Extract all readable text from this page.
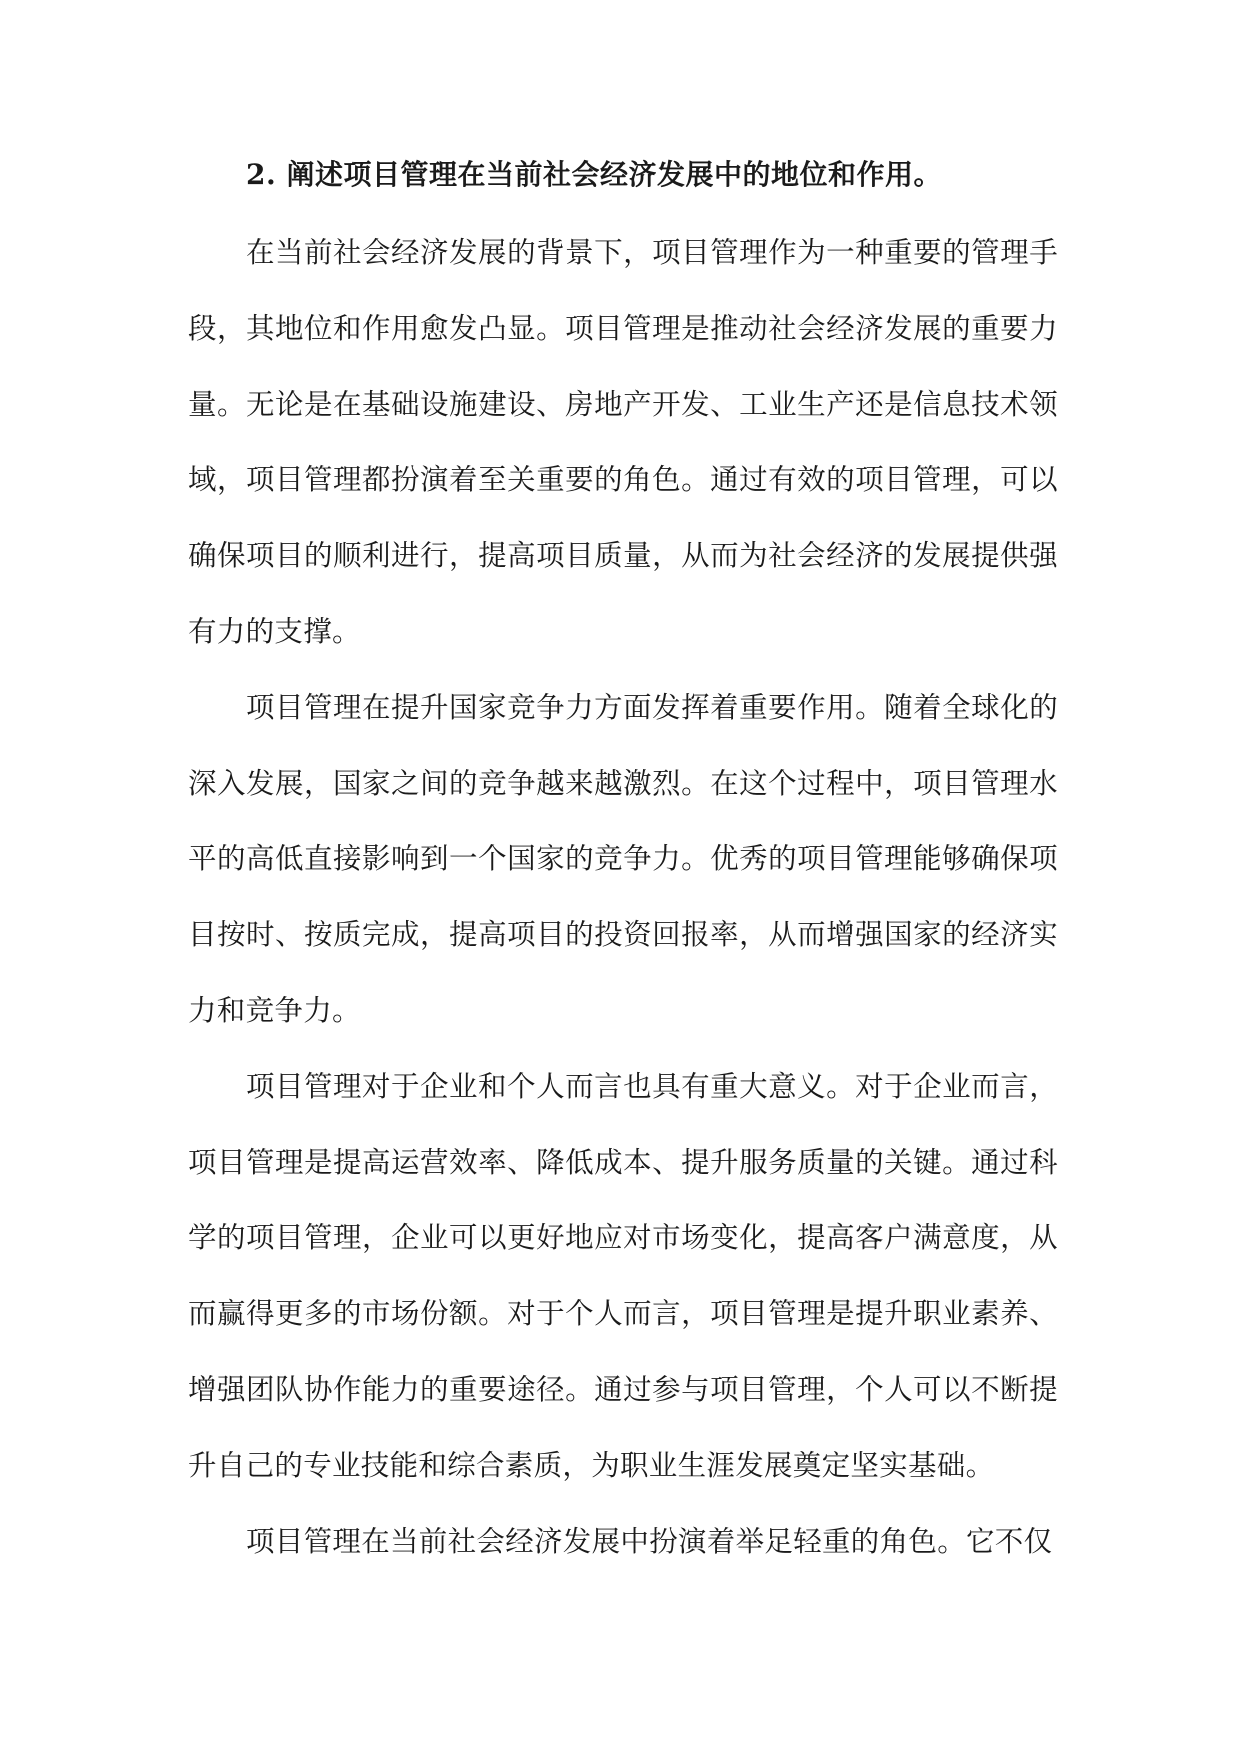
2. 阐述项目管理在当前社会经济发展中的地位和作用。

在当前社会经济发展的背景下，项目管理作为一种重要的管理手段，其地位和作用愈发凸显。项目管理是推动社会经济发展的重要力量。无论是在基础设施建设、房地产开发、工业生产还是信息技术领域，项目管理都扮演着至关重要的角色。通过有效的项目管理，可以确保项目的顺利进行，提高项目质量，从而为社会经济的发展提供强有力的支撑。

项目管理在提升国家竞争力方面发挥着重要作用。随着全球化的深入发展，国家之间的竞争越来越激烈。在这个过程中，项目管理水平的高低直接影响到一个国家的竞争力。优秀的项目管理能够确保项目按时、按质完成，提高项目的投资回报率，从而增强国家的经济实力和竞争力。

项目管理对于企业和个人而言也具有重大意义。对于企业而言，项目管理是提高运营效率、降低成本、提升服务质量的关键。通过科学的项目管理，企业可以更好地应对市场变化，提高客户满意度，从而赢得更多的市场份额。对于个人而言，项目管理是提升职业素养、增强团队协作能力的重要途径。通过参与项目管理，个人可以不断提升自己的专业技能和综合素质，为职业生涯发展奠定坚实基础。

项目管理在当前社会经济发展中扮演着举足轻重的角色。它不仅
